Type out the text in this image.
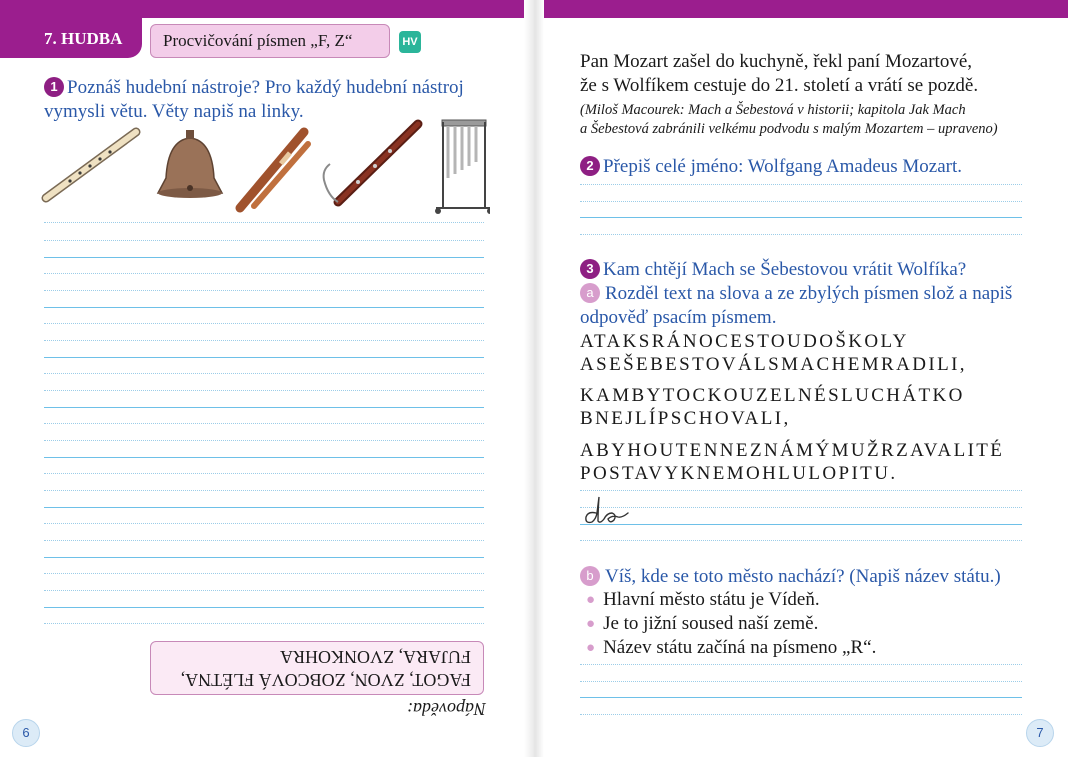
7. HUDBA	Procvičování písmen „F, Z“	HV
1 Poznáš hudební nástroje? Pro každý hudební nástroj
vymysli větu. Věty napiš na linky.
FAGOT, ZVON, ZOBCOVÁ FLÉTNA,
FUJARA, ZVONKOHRA
Nápověda:
6
Pan Mozart zašel do kuchyně, řekl paní Mozartové,
že s Wolfíkem cestuje do 21. století a vrátí se pozdě.
(Miloš Macourek: Mach a Šebestová v historii; kapitola Jak Mach
a Šebestová zabránili velkému podvodu s malým Mozartem – upraveno)
2 Přepiš celé jméno: Wolfgang Amadeus Mozart.
3 Kam chtějí Mach se Šebestovou vrátit Wolfíka?
a Rozděl text na slova a ze zbylých písmen slož a napiš
odpověď psacím písmem.
ATAKSRÁNOCESTOUDOŠKOLY
ASEŠEBESTOVÁLSMACHEMRADILI,
KAMBYTOCKOUZELNÉSLUCHÁTKO
BNEJLÍPSCHOVALI,
ABYHOUTENNEZNÁMÝMUŽRZAVALITÉ
POSTAVYKNEMOHLULOPITU.
b Víš, kde se toto město nachází? (Napiš název státu.)
● Hlavní město státu je Vídeň.
● Je to jižní soused naší země.
● Název státu začíná na písmeno „R“.
7
